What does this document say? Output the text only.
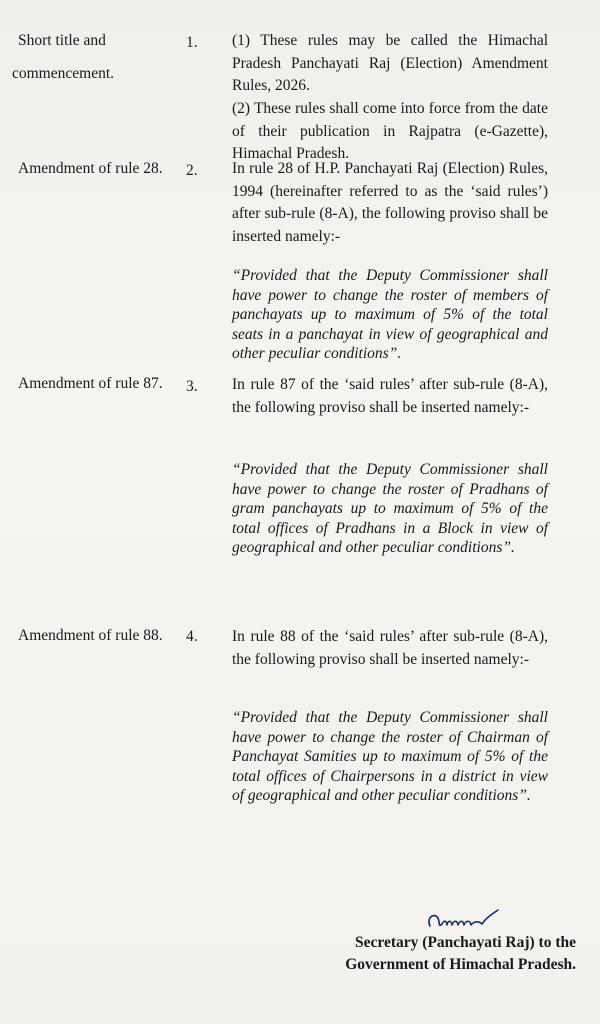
Short title and
commencement.
1.	(1) These rules may be called the Himachal Pradesh Panchayati Raj (Election) Amendment Rules, 2026.
(2) These rules shall come into force from the date of their publication in Rajpatra (e-Gazette), Himachal Pradesh.
Amendment of rule 28.	2.	In rule 28 of H.P. Panchayati Raj (Election) Rules, 1994 (hereinafter referred to as the ‘said rules’) after sub-rule (8-A), the following proviso shall be inserted namely:-
“Provided that the Deputy Commissioner shall have power to change the roster of members of panchayats up to maximum of 5% of the total seats in a panchayat in view of geographical and other peculiar conditions”.
Amendment of rule 87.	3.	In rule 87 of the ‘said rules’ after sub-rule (8-A), the following proviso shall be inserted namely:-
“Provided that the Deputy Commissioner shall have power to change the roster of Pradhans of gram panchayats up to maximum of 5% of the total offices of Pradhans in a Block in view of geographical and other peculiar conditions”.
Amendment of rule 88.	4.	In rule 88 of the ‘said rules’ after sub-rule (8-A), the following proviso shall be inserted namely:-
“Provided that the Deputy Commissioner shall have power to change the roster of Chairman of Panchayat Samities up to maximum of 5% of the total offices of Chairpersons in a district in view of geographical and other peculiar conditions”.
Secretary (Panchayati Raj) to the
Government of Himachal Pradesh.
